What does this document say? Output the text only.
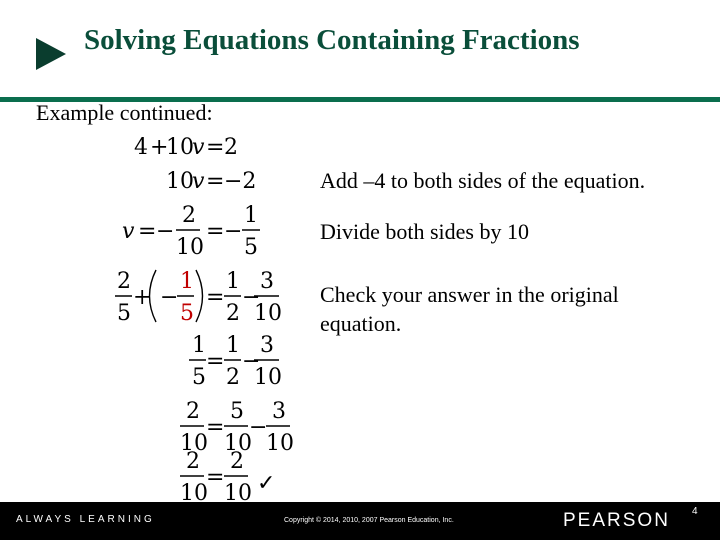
Solving Equations Containing Fractions
Example continued:
Add –4 to both sides of the equation.
Divide both sides by 10
Check your answer in the original equation.
4 +
10
v = 2
10
v = −2
v = −
2
10
= −
1
5
2
5
+ −
1
5
=
1
2
−
3
10
1
5
=
1
2
−
3
10
2
10
=
5
10
−
3
10
2
10
=
2
10 ✓
ALWAYS LEARNING	Copyright © 2014, 2010, 2007 Pearson Education, Inc.	PEARSON 4
